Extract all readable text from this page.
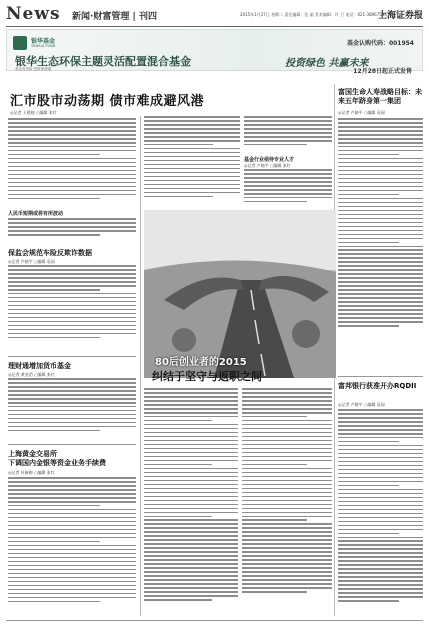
News 新闻·财富管理 | 刊四	2015年1月27日 星期二 责任编辑：沈 丽 美术编辑：许 卫 电话：021-38967583
上海证券报
银华基金
YINHUA FUND	基金认购代码：001954
银华生态环保主题灵活配置混合基金	投资绿色 共赢未来
12月28日起正式发售
基金有风险 投资需谨慎
汇市股市动荡期 债市难成避风港
◎记者 王媛媛 ○编辑 张红
富国生命人寿战略目标：未来五年跻身第一集团
◎记者 卢晓平 ○编辑 袁园
人民币短期或将有所波动
保监会规范车险反欺诈数据
◎记者 卢晓平 ○编辑 袁园
理财通增加货币基金
◎记者 黄金滔 ○编辑 张红
上海黄金交易所
下调国内金银等资金业务手续费
◎记者 叶新梅 ○编辑 张红
基金行业亟待专业人才
◎记者 卢晓平 ○编辑 张红
80后创业者的2015
纠结于坚守与返职之间
富邦银行获准开办RQDII
◎记者 卢晓平 ○编辑 袁园
